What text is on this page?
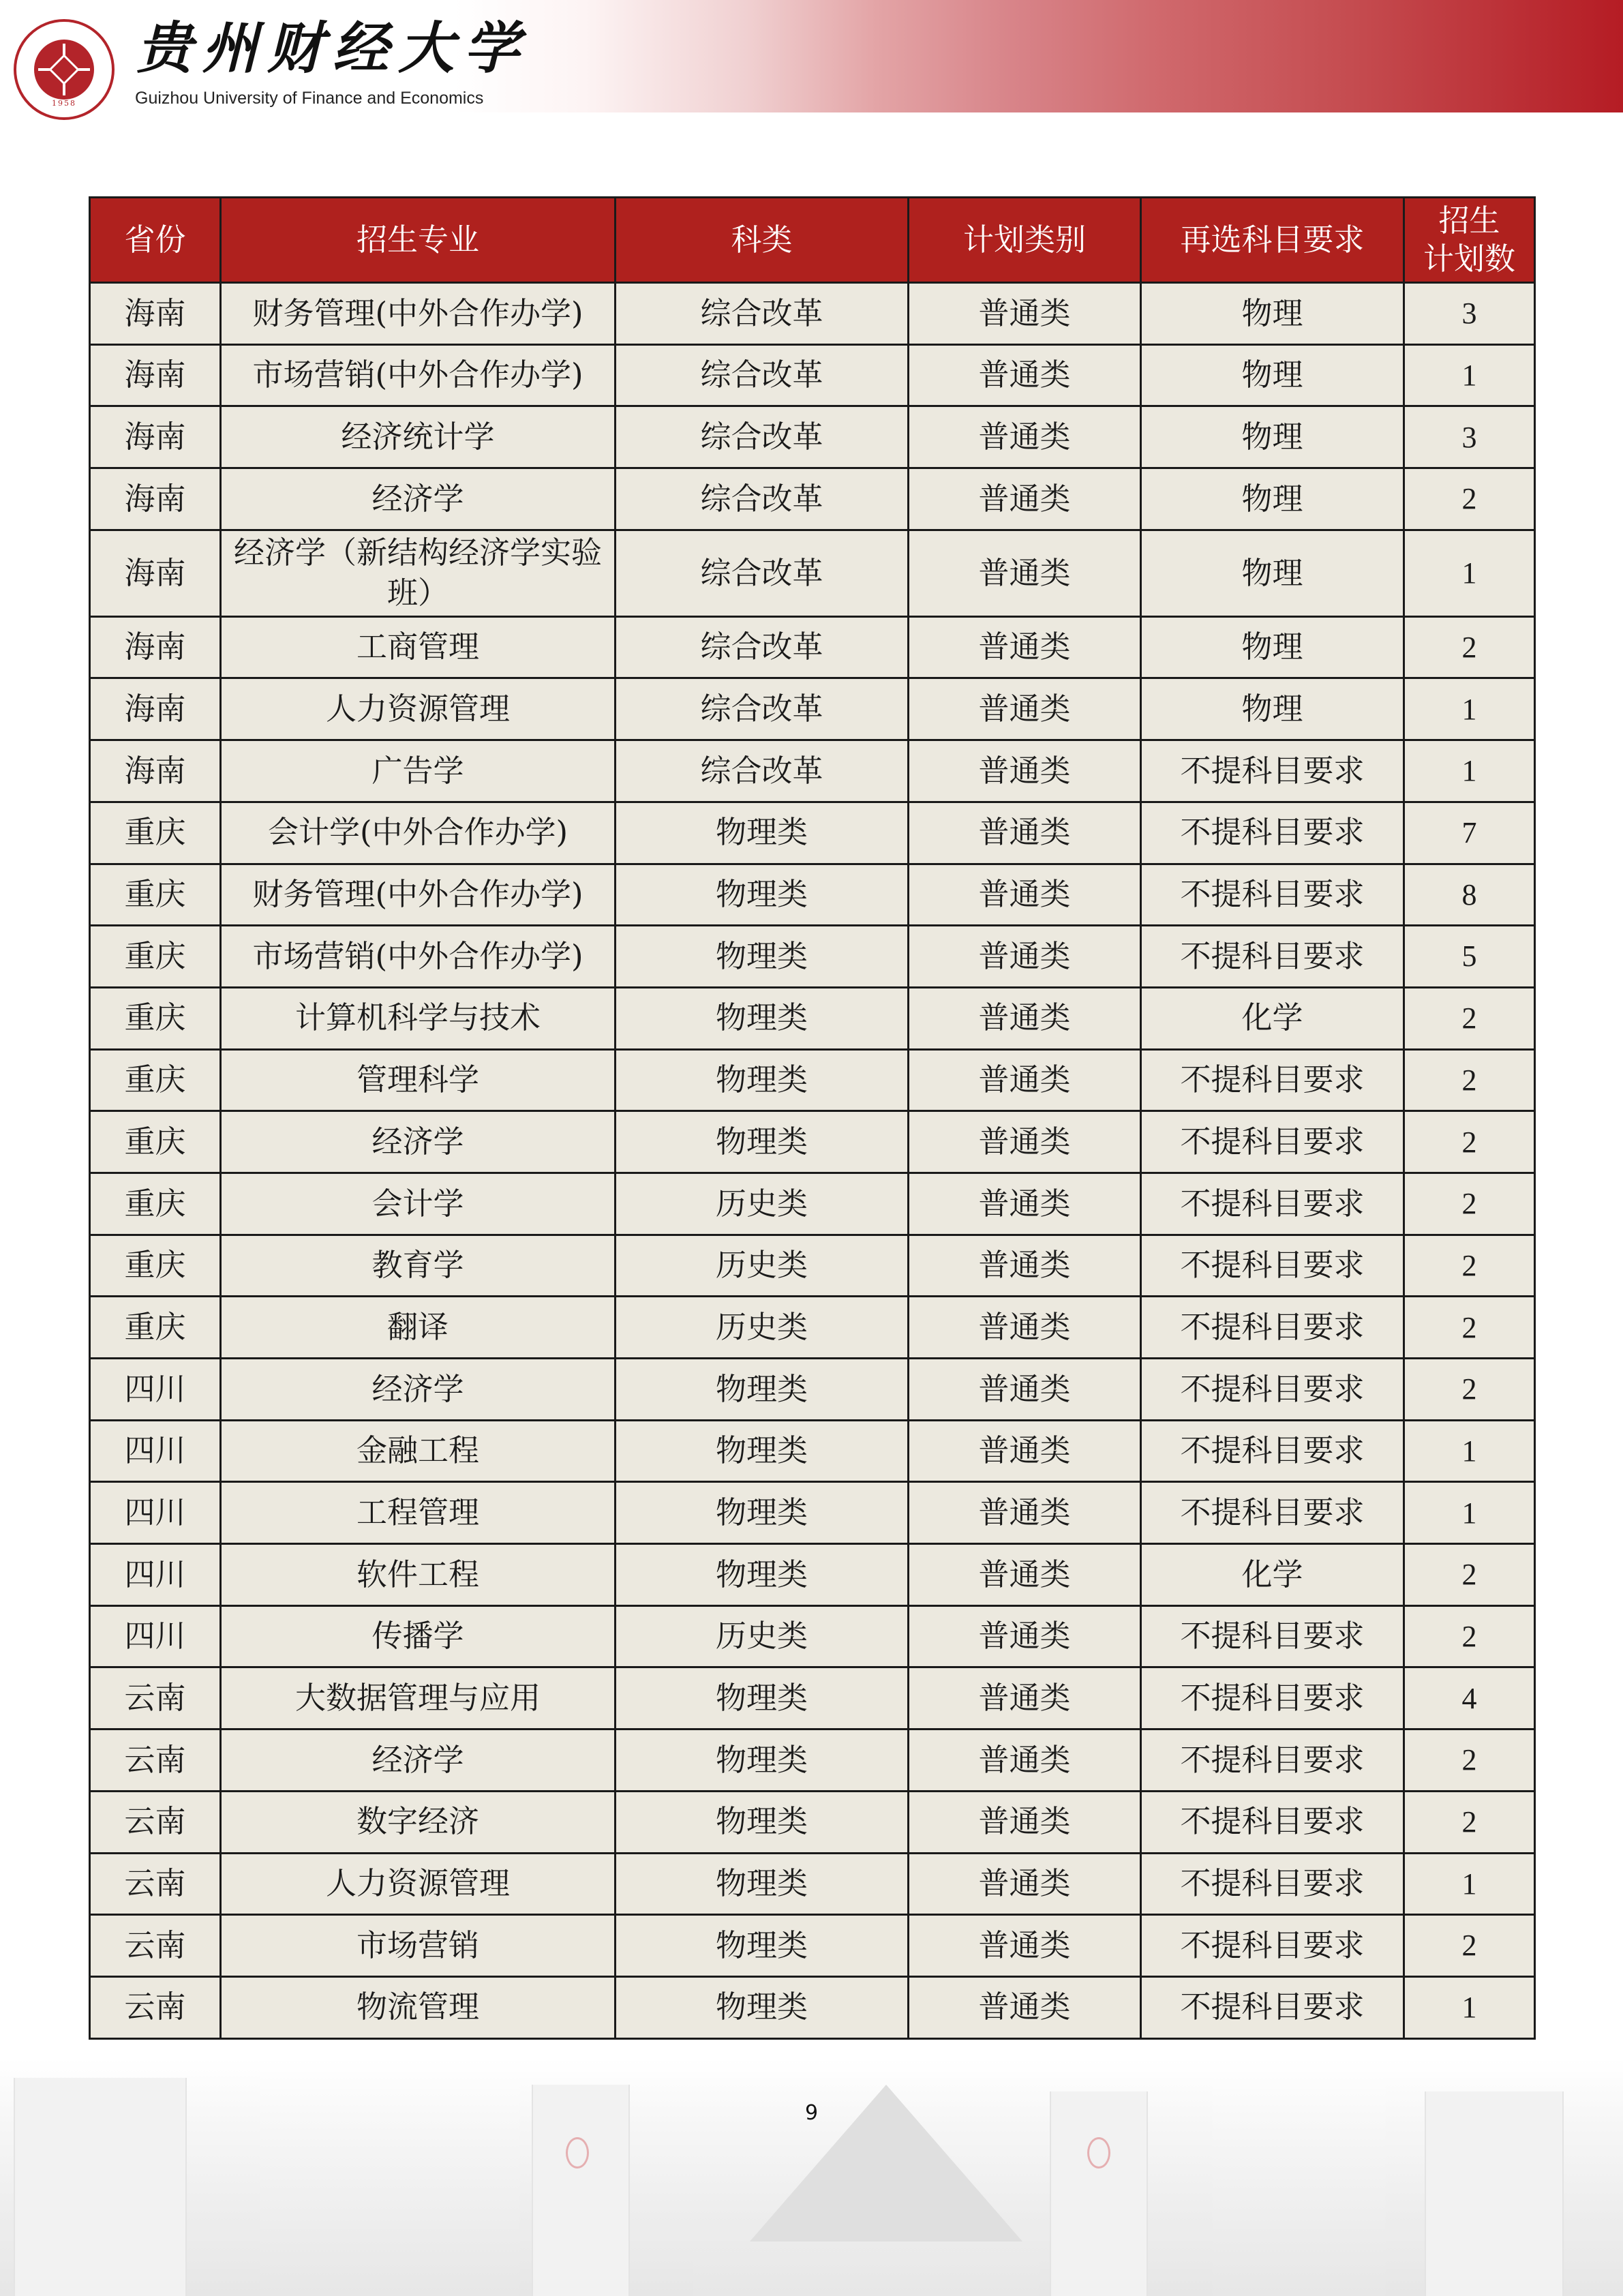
1958
贵州财经大学
Guizhou University of Finance and Economics
省份	招生专业	科类	计划类别	再选科目要求	招生
计划数

海南	财务管理(中外合作办学)	综合改革	普通类	物理	3
海南	市场营销(中外合作办学)	综合改革	普通类	物理	1
海南	经济统计学	综合改革	普通类	物理	3
海南	经济学	综合改革	普通类	物理	2
海南	经济学（新结构经济学实验班）	综合改革	普通类	物理	1
海南	工商管理	综合改革	普通类	物理	2
海南	人力资源管理	综合改革	普通类	物理	1
海南	广告学	综合改革	普通类	不提科目要求	1
重庆	会计学(中外合作办学)	物理类	普通类	不提科目要求	7
重庆	财务管理(中外合作办学)	物理类	普通类	不提科目要求	8
重庆	市场营销(中外合作办学)	物理类	普通类	不提科目要求	5
重庆	计算机科学与技术	物理类	普通类	化学	2
重庆	管理科学	物理类	普通类	不提科目要求	2
重庆	经济学	物理类	普通类	不提科目要求	2
重庆	会计学	历史类	普通类	不提科目要求	2
重庆	教育学	历史类	普通类	不提科目要求	2
重庆	翻译	历史类	普通类	不提科目要求	2
四川	经济学	物理类	普通类	不提科目要求	2
四川	金融工程	物理类	普通类	不提科目要求	1
四川	工程管理	物理类	普通类	不提科目要求	1
四川	软件工程	物理类	普通类	化学	2
四川	传播学	历史类	普通类	不提科目要求	2
云南	大数据管理与应用	物理类	普通类	不提科目要求	4
云南	经济学	物理类	普通类	不提科目要求	2
云南	数字经济	物理类	普通类	不提科目要求	2
云南	人力资源管理	物理类	普通类	不提科目要求	1
云南	市场营销	物理类	普通类	不提科目要求	2
云南	物流管理	物理类	普通类	不提科目要求	1
9
